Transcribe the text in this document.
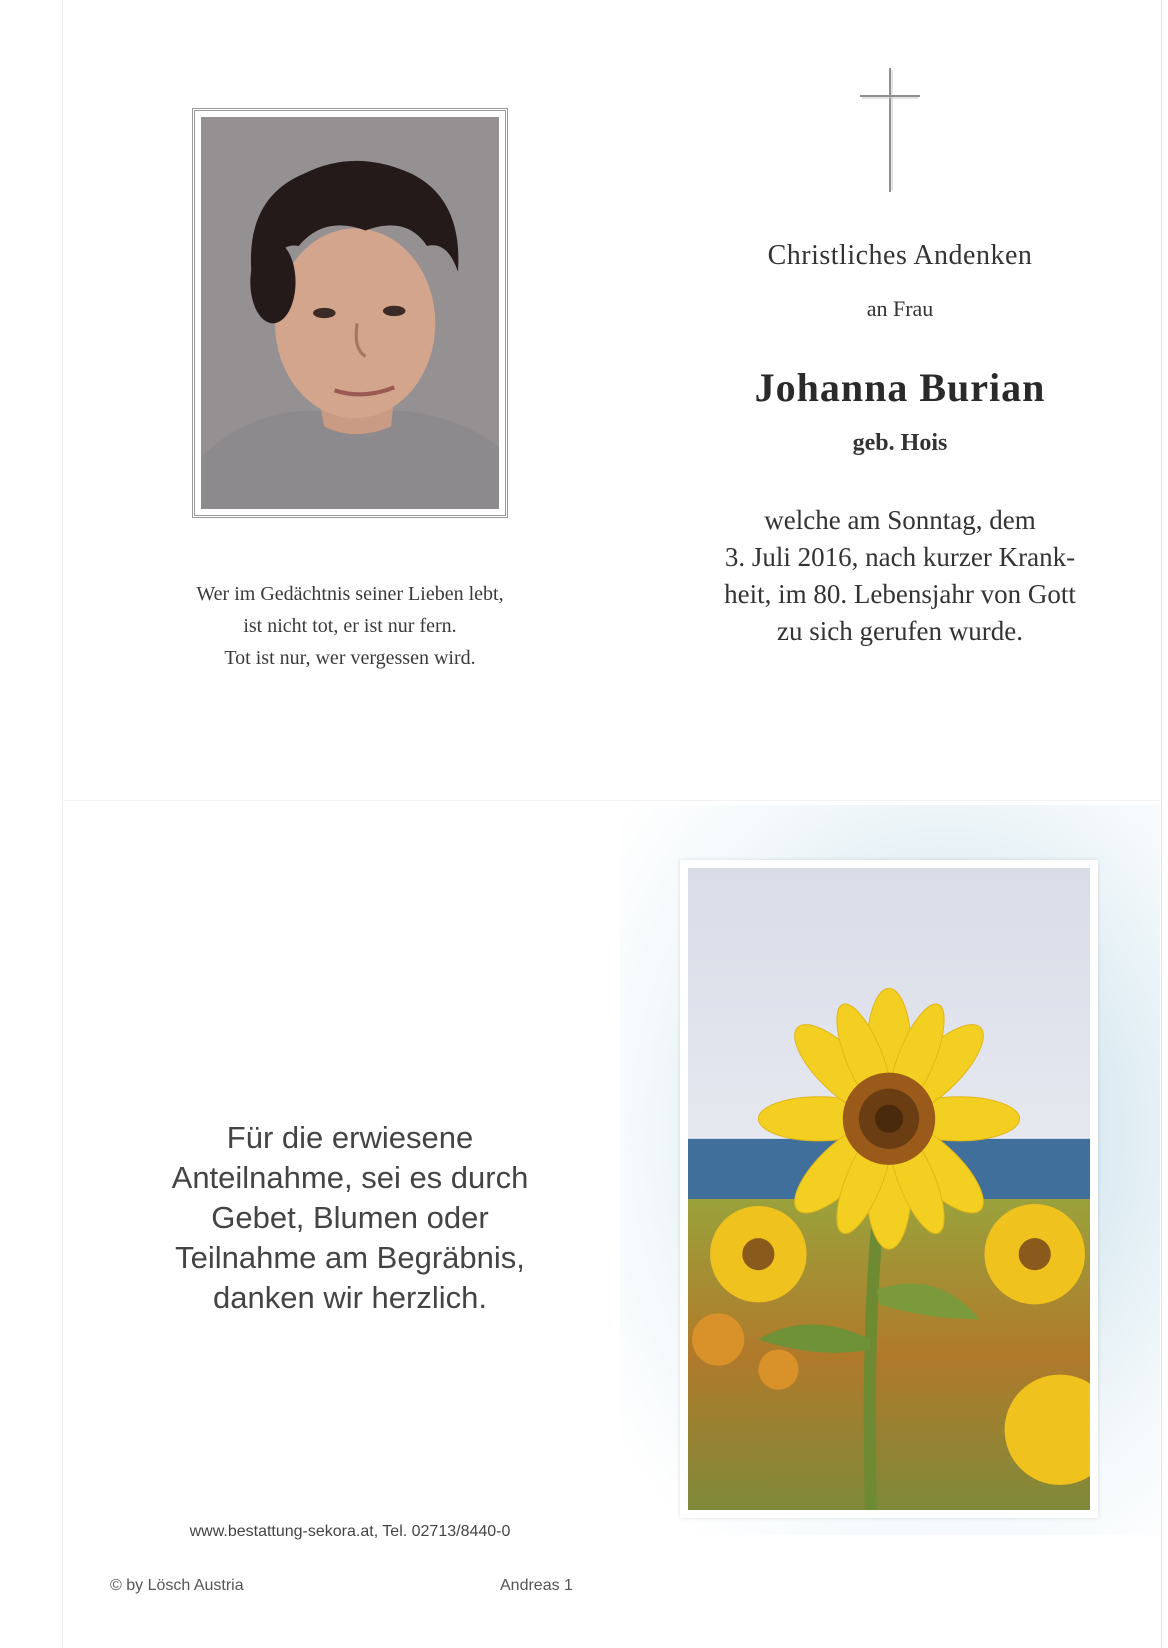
Wer im Gedächtnis seiner Lieben lebt,
ist nicht tot, er ist nur fern.
Tot ist nur, wer vergessen wird.
Christliches Andenken
an Frau
Johanna Burian
geb. Hois
welche am Sonntag, dem
3. Juli 2016, nach kurzer Krank-
heit, im 80. Lebensjahr von Gott
zu sich gerufen wurde.
Für die erwiesene
Anteilnahme, sei es durch
Gebet, Blumen oder
Teilnahme am Begräbnis,
danken wir herzlich.
www.bestattung-sekora.at, Tel. 02713/8440-0
© by Lösch Austria	Andreas 1
